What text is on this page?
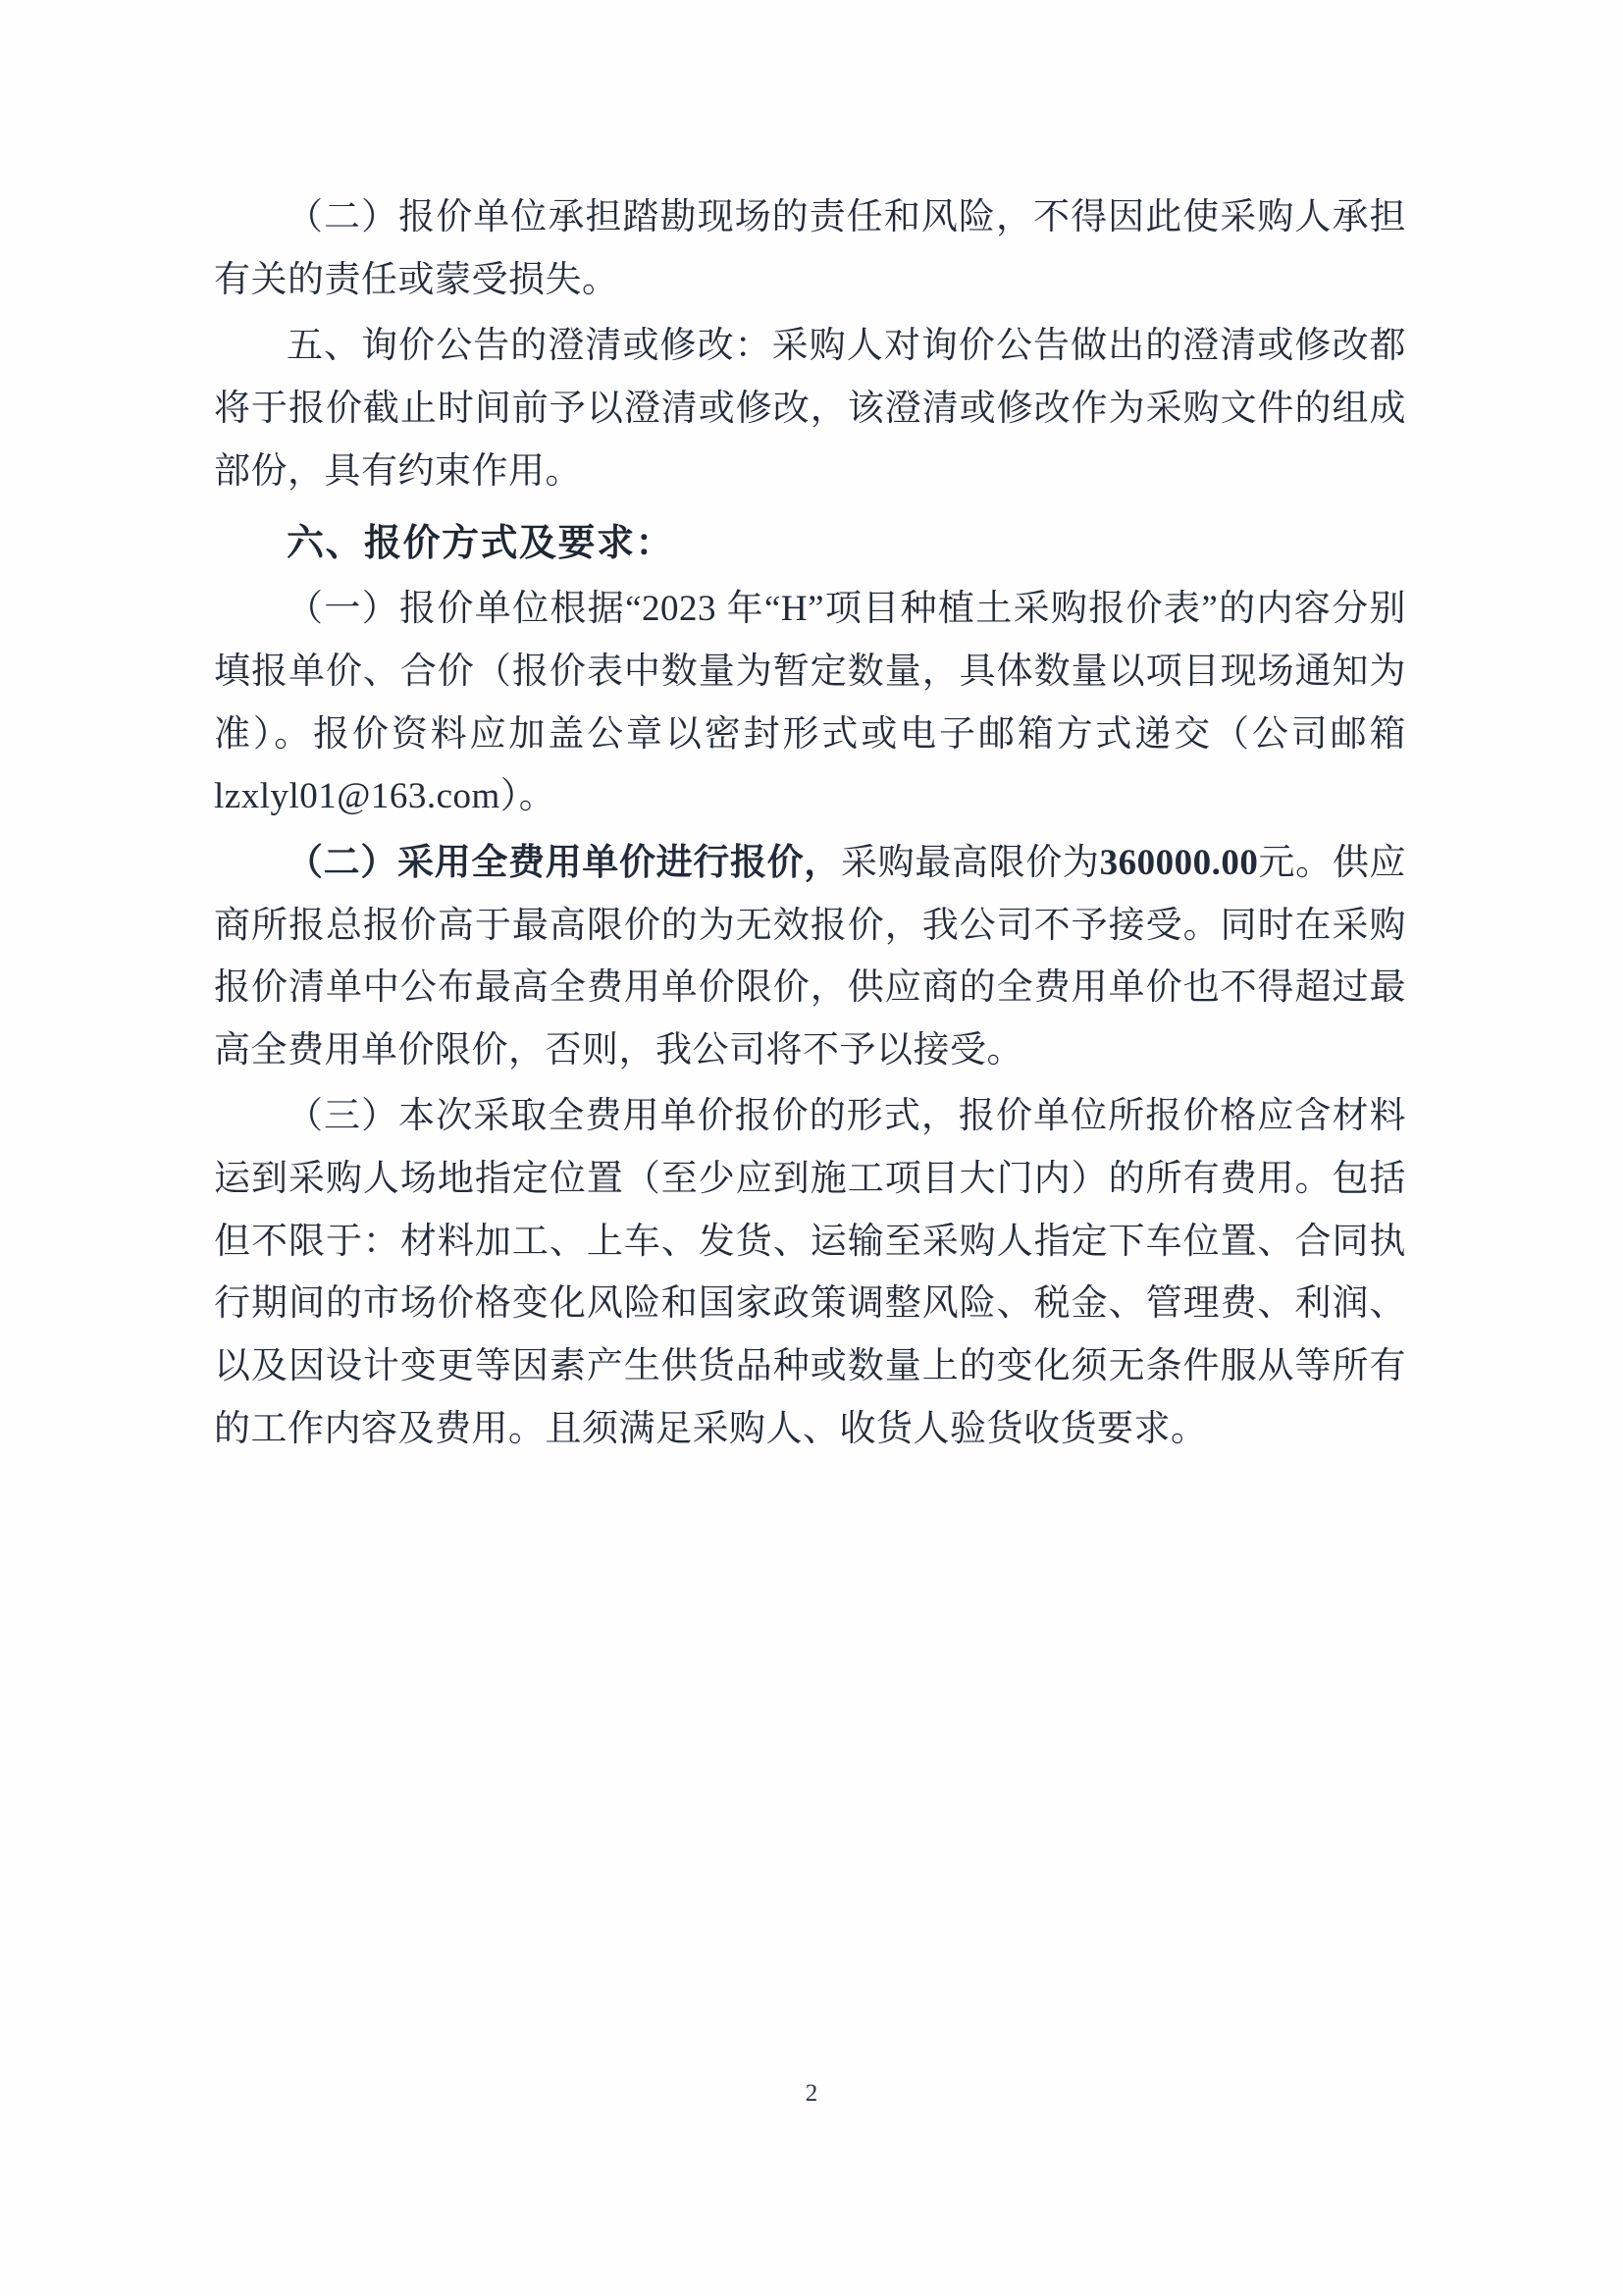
（二）报价单位承担踏勘现场的责任和风险，不得因此使采购人承担有关的责任或蒙受损失。

五、询价公告的澄清或修改：采购人对询价公告做出的澄清或修改都将于报价截止时间前予以澄清或修改，该澄清或修改作为采购文件的组成部份，具有约束作用。

六、报价方式及要求：

（一）报价单位根据“2023 年“H”项目种植土采购报价表”的内容分别填报单价、合价（报价表中数量为暂定数量，具体数量以项目现场通知为准）。报价资料应加盖公章以密封形式或电子邮箱方式递交（公司邮箱 lzxlyl01@163.com）。

（二）采用全费用单价进行报价，采购最高限价为360000.00元。供应商所报总报价高于最高限价的为无效报价，我公司不予接受。同时在采购报价清单中公布最高全费用单价限价，供应商的全费用单价也不得超过最高全费用单价限价，否则，我公司将不予以接受。

（三）本次采取全费用单价报价的形式，报价单位所报价格应含材料运到采购人场地指定位置（至少应到施工项目大门内）的所有费用。包括但不限于：材料加工、上车、发货、运输至采购人指定下车位置、合同执行期间的市场价格变化风险和国家政策调整风险、税金、管理费、利润、以及因设计变更等因素产生供货品种或数量上的变化须无条件服从等所有的工作内容及费用。且须满足采购人、收货人验货收货要求。

2
